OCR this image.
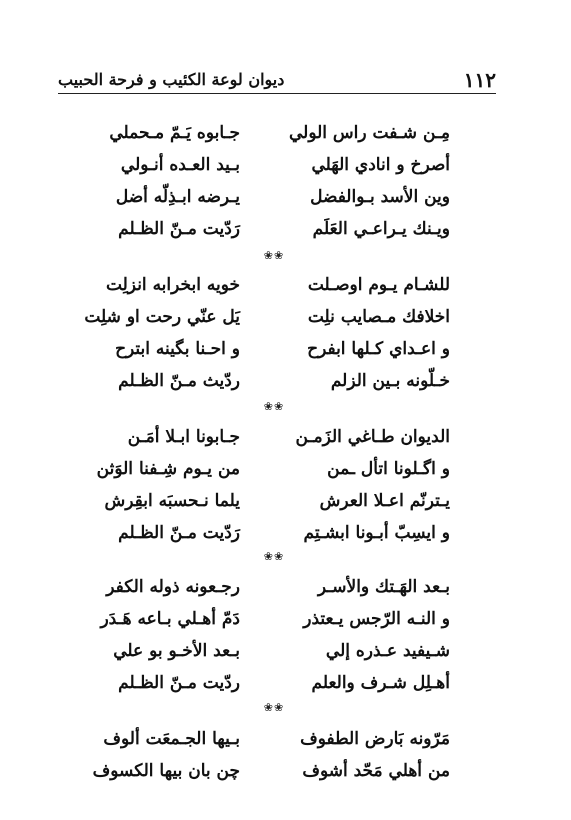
١١٢
ديوان لوعة الكئيب و فرحة الحبيب
مِـن شـفت راس الولي
جـابوه يَـمّ مـحملي
أصرخ و انادي الهَلي
بـيد العـده أنـولي
وين الأسد بـوالفضل
يـرضه ابـذِلّه أضل
ويـنك يـراعـي العَلَم
رَدّيت مـنّ الظـلم
❀❀
للشـام يـوم اوصـلت
خويه ابخرابه انزلِت
اخلافك مـصايب نلِت
يَل عنّي رحت او شلِت
و اعـداي كـلها ابفرح
و احـنا بگينه ابترح
خـلّونه بـين الزلم
ردّيث مـنّ الظـلم
❀❀
الديوان طـاغي الزَمـن
جـابونا ابـلا أمَـن
و اگـلونا اتأل ـمن
من يـوم شِـفنا الوَثن
يـترنّم اعـلا العرش
يلما نـحسبَه ابقِرش
و ايسِبّ أبـونا ابشـتِم
رَدّيت مـنّ الظـلم
❀❀
بـعد الهَـتك والأسـر
رجـعونه ذوله الكفر
و النـه الرّجس يـعتذر
دَمّ أهـلي بـاعه هَـدَر
شـيفيد عـذره إلي
بـعد الأخـو بو علي
أهـلِل شـرف والعلم
ردّيت مـنّ الظـلم
❀❀
مَرّونه بَارض الطفوف
بـيها الجـمعَت ألوف
من أهلي مَحّد أشوف
چن بان بيها الكسوف
